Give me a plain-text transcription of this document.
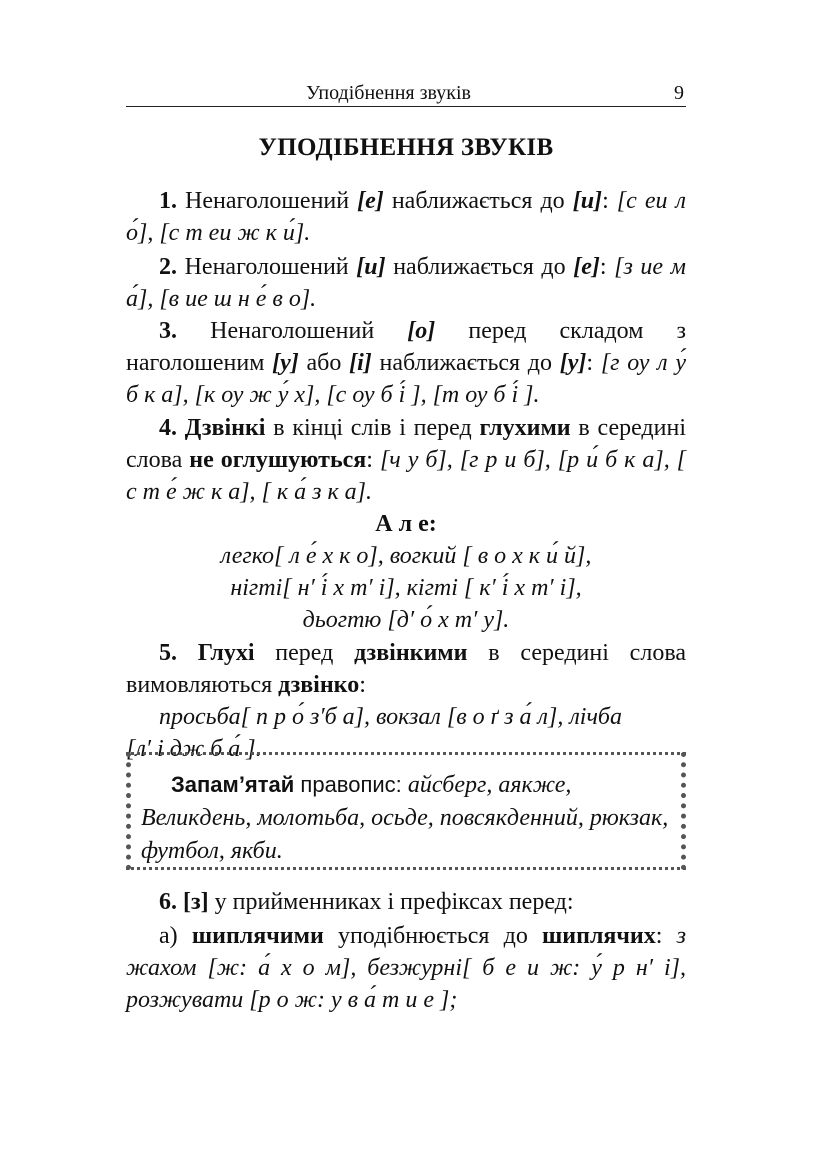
Уподібнення звуків	9
УПОДІБНЕННЯ ЗВУКІВ
1. Ненаголошений [е] наближається до [и]: [с еи л о́], [с т еи ж к и́].
2. Ненаголошений [и] наближається до [е]: [з ие м а́], [в ие ш н е́ в о].
3. Ненаголошений [о] перед складом з наголошеним [у] або [і] наближається до [у]: [г оу л у́ б к а], [к оу ж у́ х], [с оу б і́ ], [т оу б і́ ].
4. Дзвінкі в кінці слів і перед глухими в середині слова не оглушуються: [ч у б], [г р и б], [р и́ б к а], [ с т е́ ж к а], [ к а́ з к а].
А л е:
легко[ л е́ х к о], вогкий [ в о х к и́ й],
нігті[ н′ і́ х т′ і], кігті [ к′ і́ х т′ і],
дьогтю [д′ о́ х т′ у].
5. Глухі перед дзвінкими в середині слова вимовляються дзвінко:
просьба[ п р о́ з′б а], вокзал [в о ґ з а́ л], лічба
[л′ і дж б а́ ].
Запам’ятай правопис: айсберг, аякже, Великдень, молотьба, осьде, повсякденний, рюкзак, футбол, якби.
6. [з] у прийменниках і префіксах перед:
а) шиплячими уподібнюється до шиплячих: з жахом [ж: а́ х о м], безжурні[ б е и ж: у́ р н′ і], розжувати [р о ж: у в а́ т и е ];
